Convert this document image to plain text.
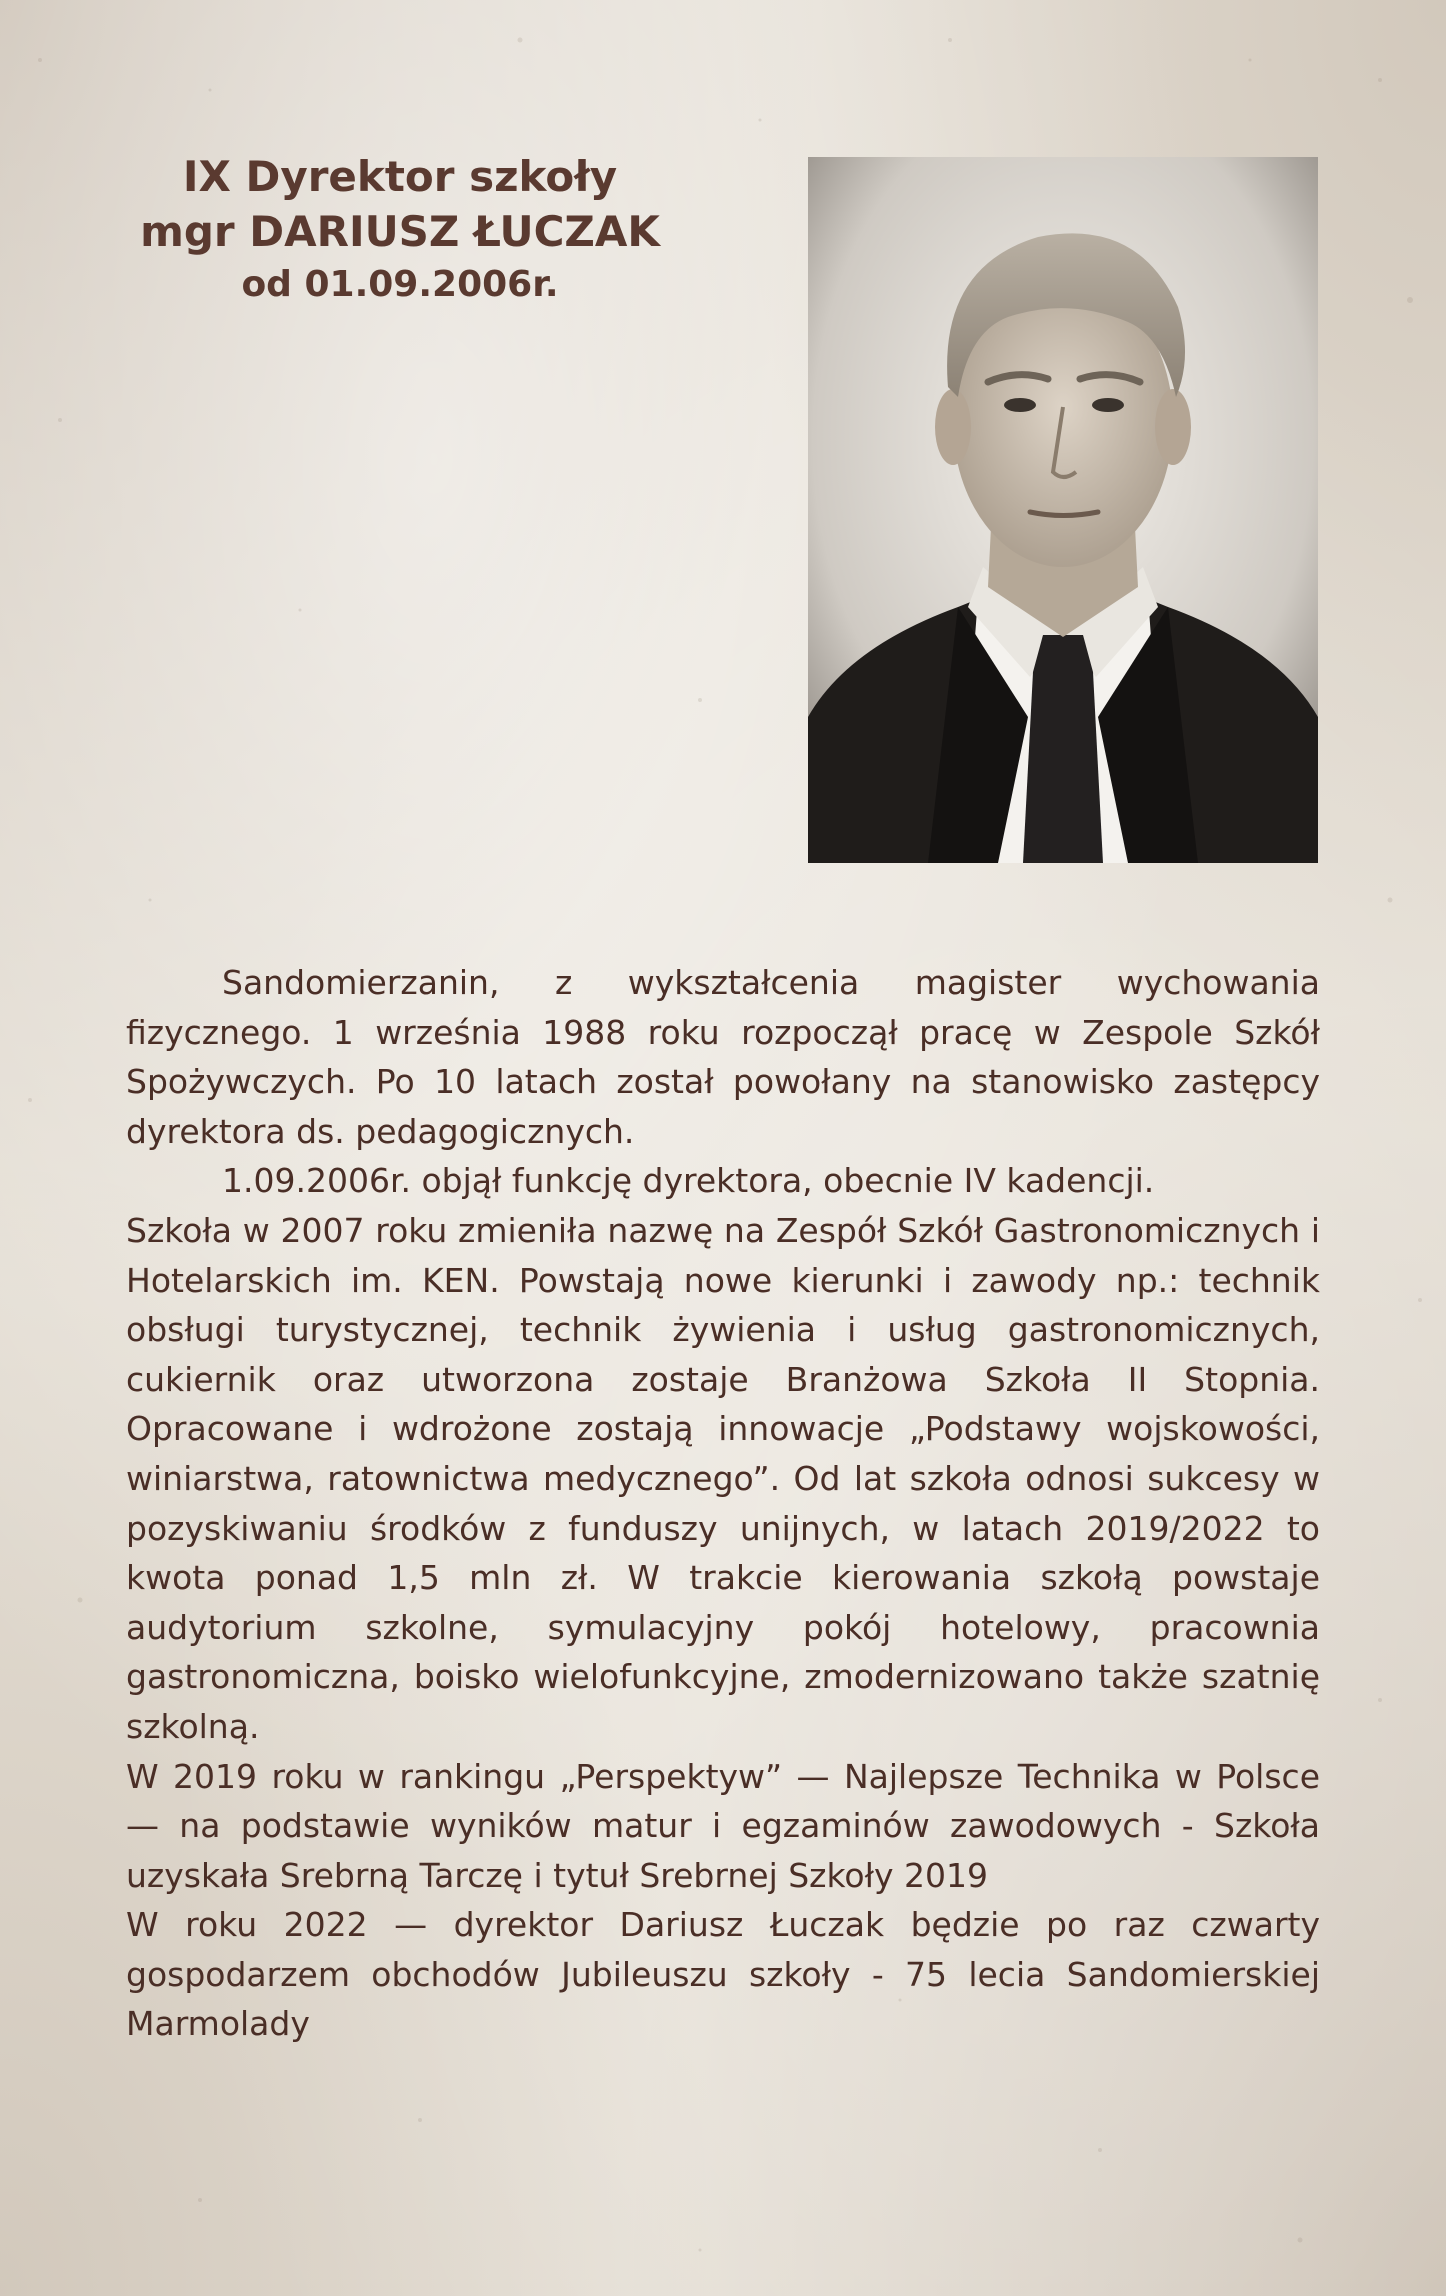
IX Dyrektor szkoły
mgr DARIUSZ ŁUCZAK
od 01.09.2006r.

Sandomierzanin, z wykształcenia magister wychowania fizycznego. 1 września 1988 roku rozpoczął pracę w Zespole Szkół Spożywczych. Po 10 latach został powołany na stanowisko zastępcy dyrektora ds. pedagogicznych.

1.09.2006r. objął funkcję dyrektora, obecnie IV kadencji.

Szkoła w 2007 roku zmieniła nazwę na Zespół Szkół Gastronomicznych i Hotelarskich im. KEN. Powstają nowe kierunki i zawody np.: technik obsługi turystycznej, technik żywienia i usług gastronomicznych, cukiernik oraz utworzona zostaje Branżowa Szkoła II Stopnia. Opracowane i wdrożone zostają innowacje „Podstawy wojskowości, winiarstwa, ratownictwa medycznego”. Od lat szkoła odnosi sukcesy w pozyskiwaniu środków z funduszy unijnych, w latach 2019/2022 to kwota ponad 1,5 mln zł. W trakcie kierowania szkołą powstaje audytorium szkolne, symulacyjny pokój hotelowy, pracownia gastronomiczna, boisko wielofunkcyjne, zmodernizowano także szatnię szkolną.

W 2019 roku w rankingu „Perspektyw” — Najlepsze Technika w Polsce — na podstawie wyników matur i egzaminów zawodowych - Szkoła uzyskała Srebrną Tarczę i tytuł Srebrnej Szkoły 2019

W roku 2022 — dyrektor Dariusz Łuczak będzie po raz czwarty gospodarzem obchodów Jubileuszu szkoły - 75 lecia Sandomierskiej Marmolady
